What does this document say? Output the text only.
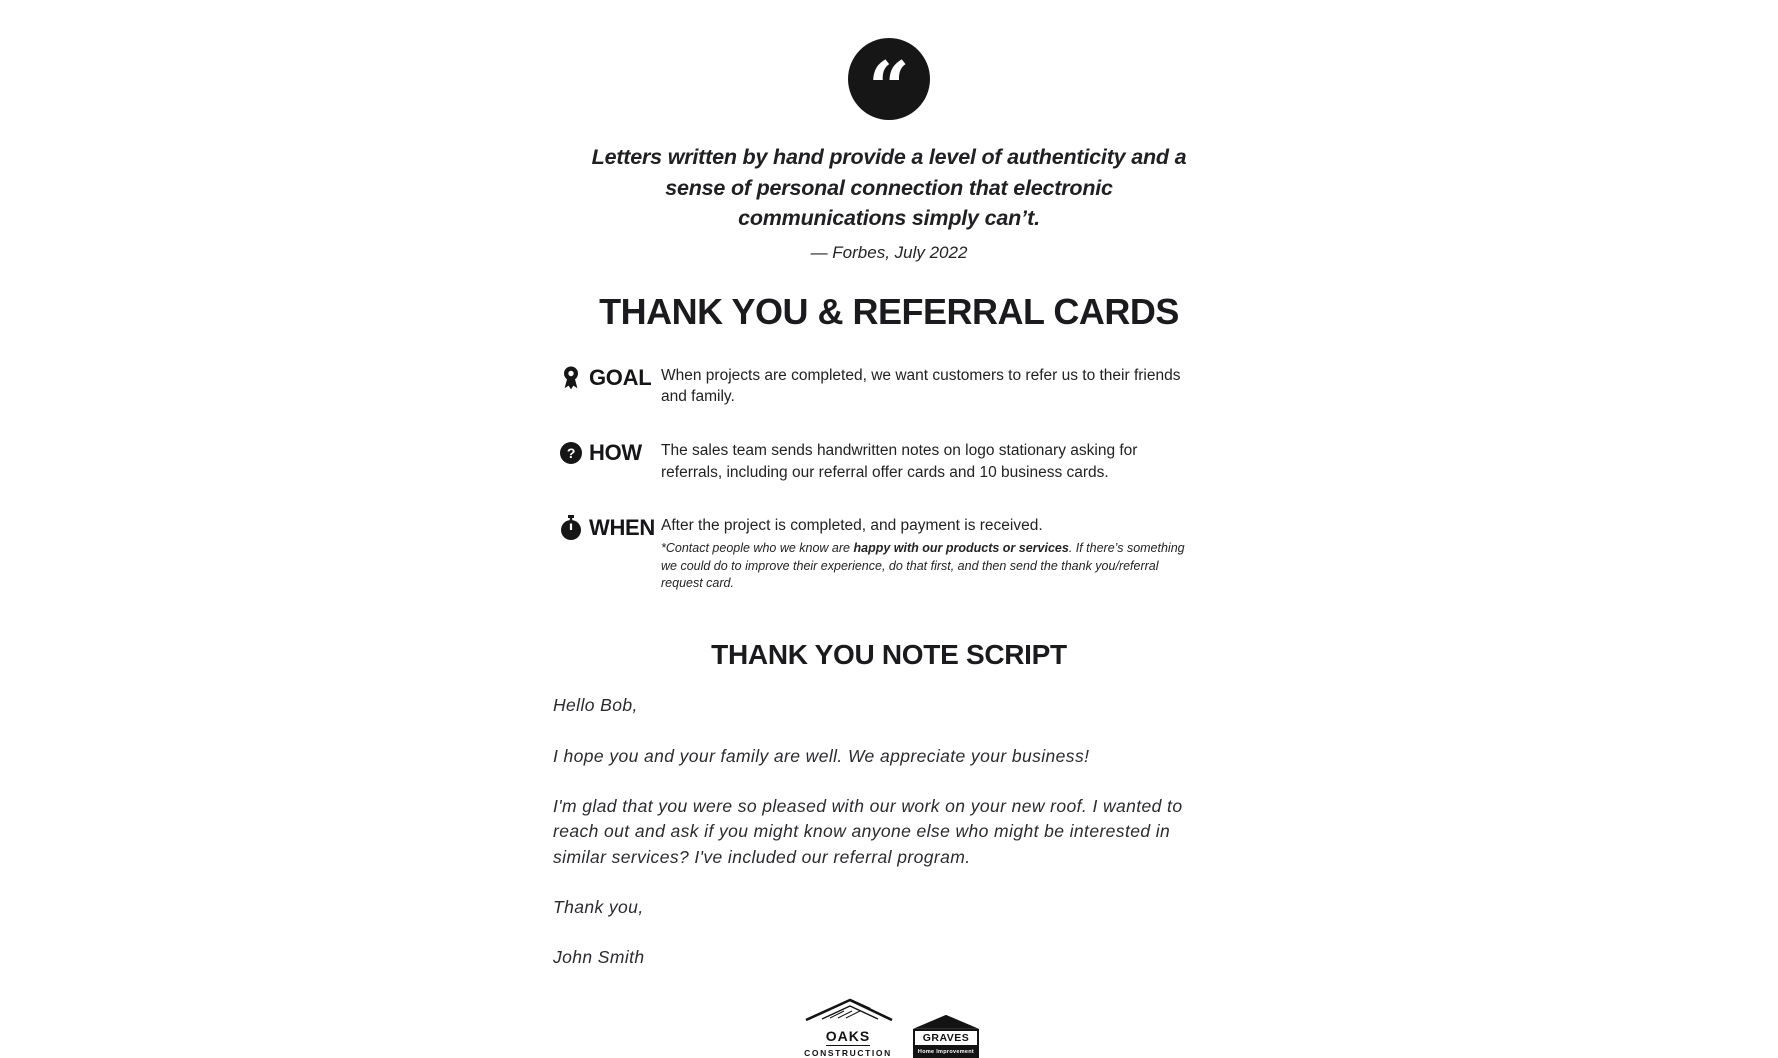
“
Letters written by hand provide a level of authenticity and a
sense of personal connection that electronic
communications simply can’t.
— Forbes, July 2022
THANK YOU & REFERRAL CARDS
GOAL When projects are completed, we want customers to refer us to their friends and family.
? HOW The sales team sends handwritten notes on logo stationary asking for referrals, including our referral offer cards and 10 business cards.
WHEN After the project is completed, and payment is received.
*Contact people who we know are happy with our products or services. If there’s something we could do to improve their experience, do that first, and then send the thank you/referral request card.
THANK YOU NOTE SCRIPT

Hello Bob,

I hope you and your family are well. We appreciate your business!

I'm glad that you were so pleased with our work on your new roof. I wanted to reach out and ask if you might know anyone else who might be interested in similar services? I've included our referral program.

Thank you,

John Smith

OAKS
CONSTRUCTION
GRAVES
Home Improvement
